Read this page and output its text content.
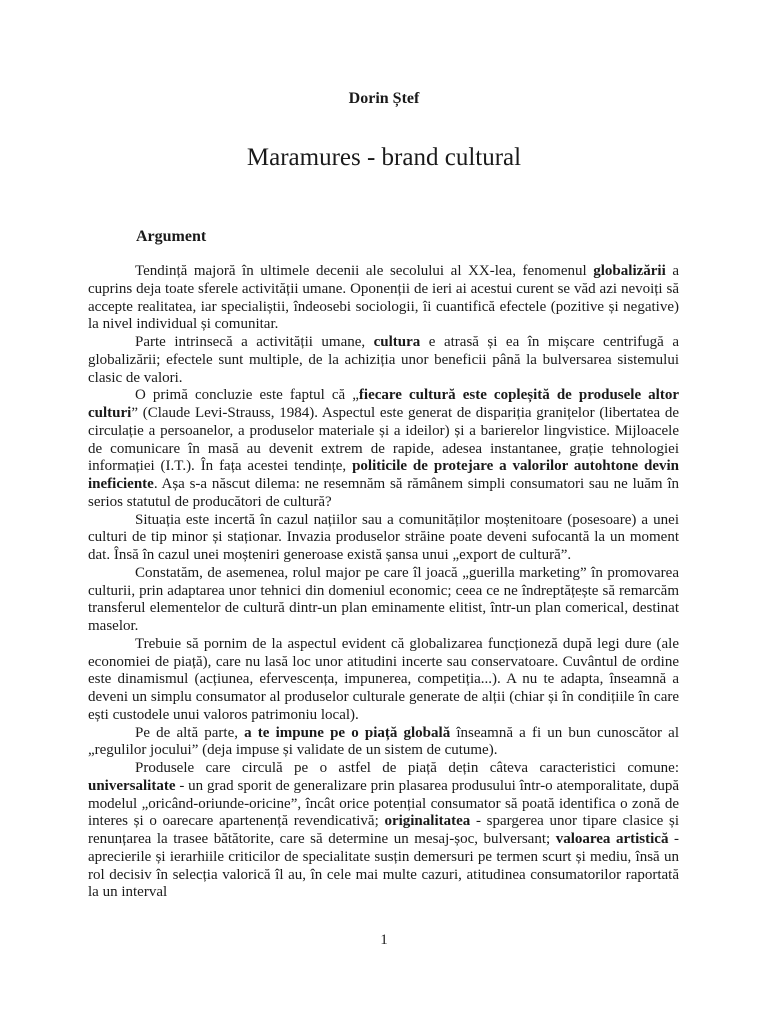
Dorin Ștef
Maramures - brand cultural
Argument

Tendință majoră în ultimele decenii ale secolului al XX-lea, fenomenul globalizării a cuprins deja toate sferele activității umane. Oponenții de ieri ai acestui curent se văd azi nevoiți să accepte realitatea, iar specialiștii, îndeosebi sociologii, îi cuantifică efectele (pozitive și negative) la nivel individual și comunitar.

Parte intrinsecă a activității umane, cultura e atrasă și ea în mișcare centrifugă a globalizării; efectele sunt multiple, de la achiziția unor beneficii până la bulversarea sistemului clasic de valori.

O primă concluzie este faptul că „fiecare cultură este copleșită de produsele altor culturi” (Claude Levi-Strauss, 1984). Aspectul este generat de dispariția granițelor (libertatea de circulație a persoanelor, a produselor materiale și a ideilor) și a barierelor lingvistice. Mijloacele de comunicare în masă au devenit extrem de rapide, adesea instantanee, grație tehnologiei informației (I.T.). În fața acestei tendințe, politicile de protejare a valorilor autohtone devin ineficiente. Așa s-a născut dilema: ne resemnăm să rămânem simpli consumatori sau ne luăm în serios statutul de producători de cultură?

Situația este incertă în cazul națiilor sau a comunităților moștenitoare (posesoare) a unei culturi de tip minor și staționar. Invazia produselor străine poate deveni sufocantă la un moment dat. Însă în cazul unei moșteniri generoase există șansa unui „export de cultură”.

Constatăm, de asemenea, rolul major pe care îl joacă „guerilla marketing” în promovarea culturii, prin adaptarea unor tehnici din domeniul economic; ceea ce ne îndreptățește să remarcăm transferul elementelor de cultură dintr-un plan eminamente elitist, într-un plan comerical, destinat maselor.

Trebuie să pornim de la aspectul evident că globalizarea funcționeză după legi dure (ale economiei de piață), care nu lasă loc unor atitudini incerte sau conservatoare. Cuvântul de ordine este dinamismul (acțiunea, efervescența, impunerea, competiția...). A nu te adapta, înseamnă a deveni un simplu consumator al produselor culturale generate de alții (chiar și în condițiile în care ești custodele unui valoros patrimoniu local).

Pe de altă parte, a te impune pe o piață globală înseamnă a fi un bun cunoscător al „regulilor jocului” (deja impuse și validate de un sistem de cutume).

Produsele care circulă pe o astfel de piață dețin câteva caracteristici comune: universalitate - un grad sporit de generalizare prin plasarea produsului într-o atemporalitate, după modelul „oricând-oriunde-oricine”, încât orice potențial consumator să poată identifica o zonă de interes și o oarecare apartenență revendicativă; originalitatea - spargerea unor tipare clasice și renunțarea la trasee bătătorite, care să determine un mesaj-șoc, bulversant; valoarea artistică - aprecierile și ierarhiile criticilor de specialitate susțin demersuri pe termen scurt și mediu, însă un rol decisiv în selecția valorică îl au, în cele mai multe cazuri, atitudinea consumatorilor raportată la un interval

1
